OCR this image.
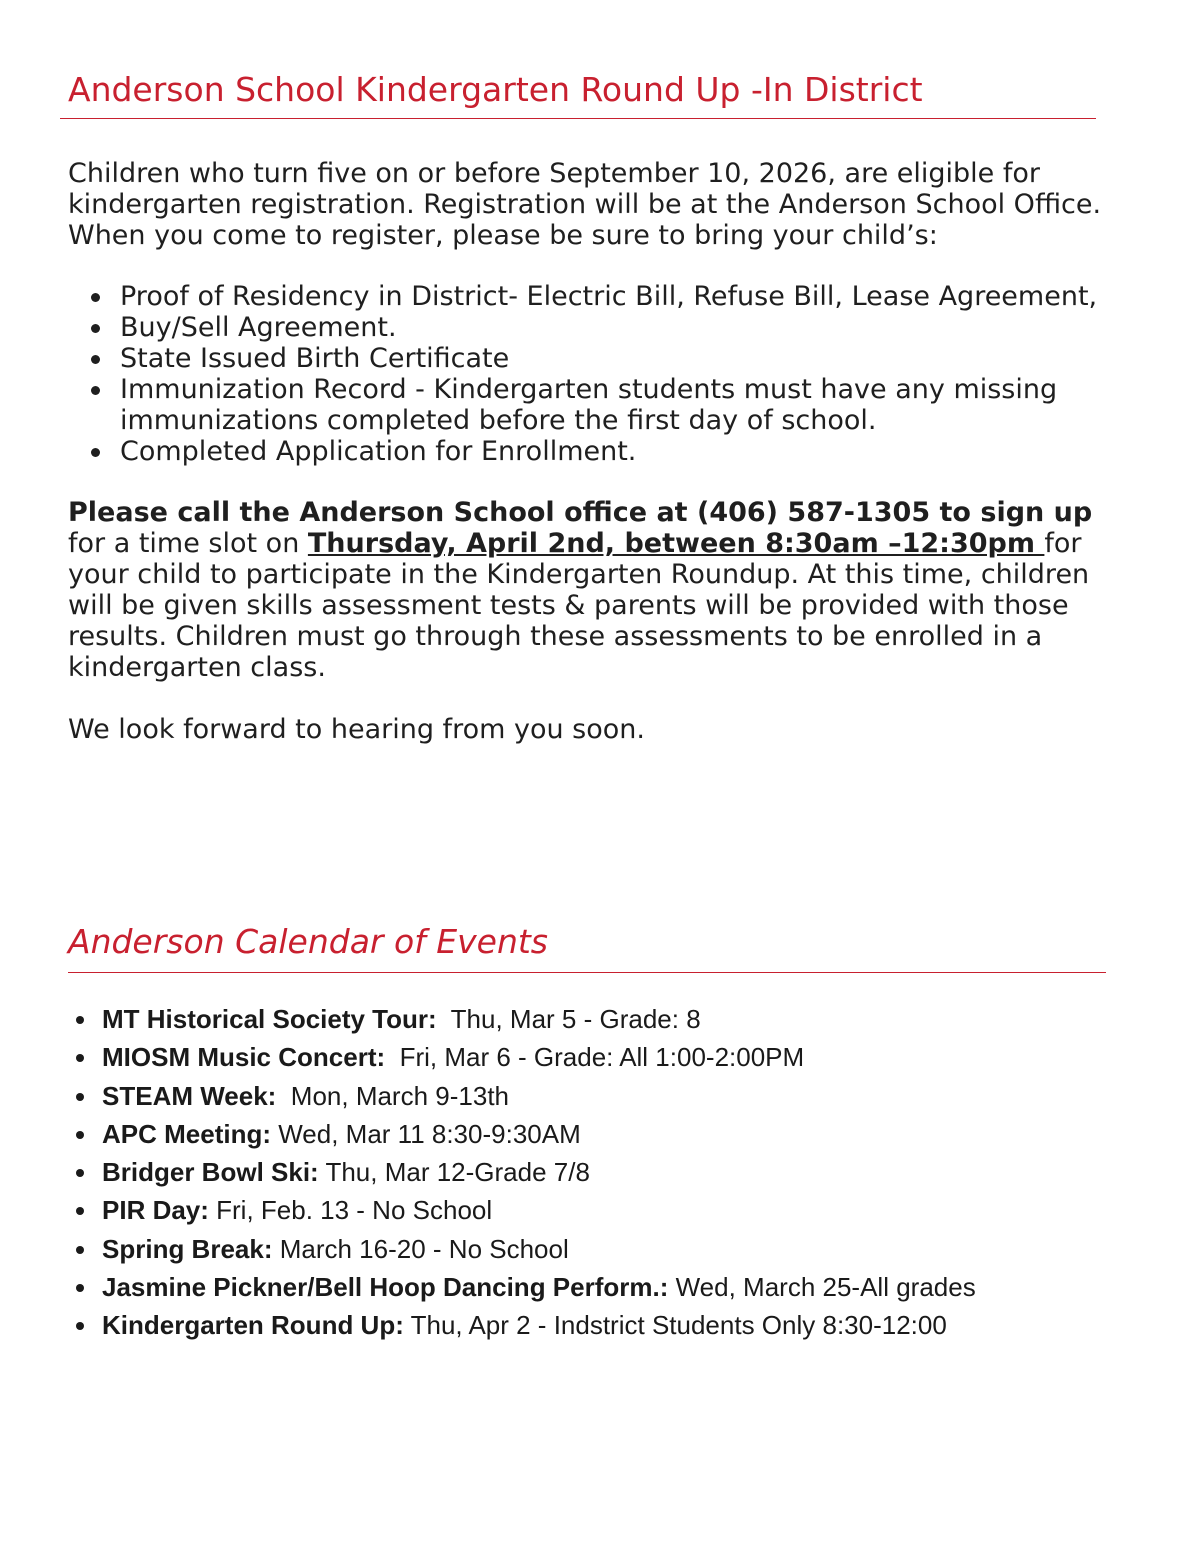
Anderson School Kindergarten Round Up -In District

Children who turn five on or before September 10, 2026, are eligible for kindergarten registration. Registration will be at the Anderson School Office. When you come to register, please be sure to bring your child’s:

Proof of Residency in District- Electric Bill, Refuse Bill, Lease Agreement,
Buy/Sell Agreement.
State Issued Birth Certificate
Immunization Record - Kindergarten students must have any missing immunizations completed before the first day of school.
Completed Application for Enrollment.

Please call the Anderson School office at (406) 587-1305 to sign up for a time slot on Thursday, April 2nd, between 8:30am –12:30pm for your child to participate in the Kindergarten Roundup. At this time, children will be given skills assessment tests & parents will be provided with those results. Children must go through these assessments to be enrolled in a kindergarten class.

We look forward to hearing from you soon.

Anderson Calendar of Events
MT Historical Society Tour:  Thu, Mar 5 - Grade: 8
MIOSM Music Concert:  Fri, Mar 6 - Grade: All 1:00-2:00PM
STEAM Week:  Mon, March 9-13th
APC Meeting: Wed, Mar 11 8:30-9:30AM
Bridger Bowl Ski: Thu, Mar 12-Grade 7/8
PIR Day: Fri, Feb. 13 - No School
Spring Break: March 16-20 - No School
Jasmine Pickner/Bell Hoop Dancing Perform.: Wed, March 25-All grades
Kindergarten Round Up: Thu, Apr 2 - Indstrict Students Only 8:30-12:00
